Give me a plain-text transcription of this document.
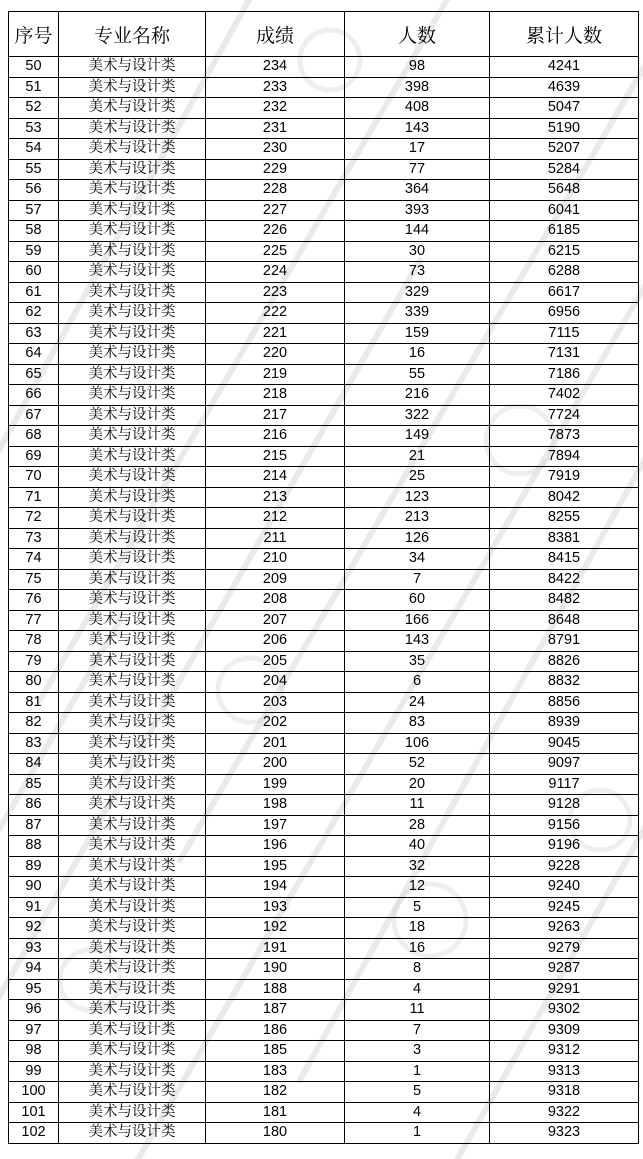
序号	专业名称	成绩	人数	累计人数
50	美术与设计类	234	98	4241
51	美术与设计类	233	398	4639
52	美术与设计类	232	408	5047
53	美术与设计类	231	143	5190
54	美术与设计类	230	17	5207
55	美术与设计类	229	77	5284
56	美术与设计类	228	364	5648
57	美术与设计类	227	393	6041
58	美术与设计类	226	144	6185
59	美术与设计类	225	30	6215
60	美术与设计类	224	73	6288
61	美术与设计类	223	329	6617
62	美术与设计类	222	339	6956
63	美术与设计类	221	159	7115
64	美术与设计类	220	16	7131
65	美术与设计类	219	55	7186
66	美术与设计类	218	216	7402
67	美术与设计类	217	322	7724
68	美术与设计类	216	149	7873
69	美术与设计类	215	21	7894
70	美术与设计类	214	25	7919
71	美术与设计类	213	123	8042
72	美术与设计类	212	213	8255
73	美术与设计类	211	126	8381
74	美术与设计类	210	34	8415
75	美术与设计类	209	7	8422
76	美术与设计类	208	60	8482
77	美术与设计类	207	166	8648
78	美术与设计类	206	143	8791
79	美术与设计类	205	35	8826
80	美术与设计类	204	6	8832
81	美术与设计类	203	24	8856
82	美术与设计类	202	83	8939
83	美术与设计类	201	106	9045
84	美术与设计类	200	52	9097
85	美术与设计类	199	20	9117
86	美术与设计类	198	11	9128
87	美术与设计类	197	28	9156
88	美术与设计类	196	40	9196
89	美术与设计类	195	32	9228
90	美术与设计类	194	12	9240
91	美术与设计类	193	5	9245
92	美术与设计类	192	18	9263
93	美术与设计类	191	16	9279
94	美术与设计类	190	8	9287
95	美术与设计类	188	4	9291
96	美术与设计类	187	11	9302
97	美术与设计类	186	7	9309
98	美术与设计类	185	3	9312
99	美术与设计类	183	1	9313
100	美术与设计类	182	5	9318
101	美术与设计类	181	4	9322
102	美术与设计类	180	1	9323
